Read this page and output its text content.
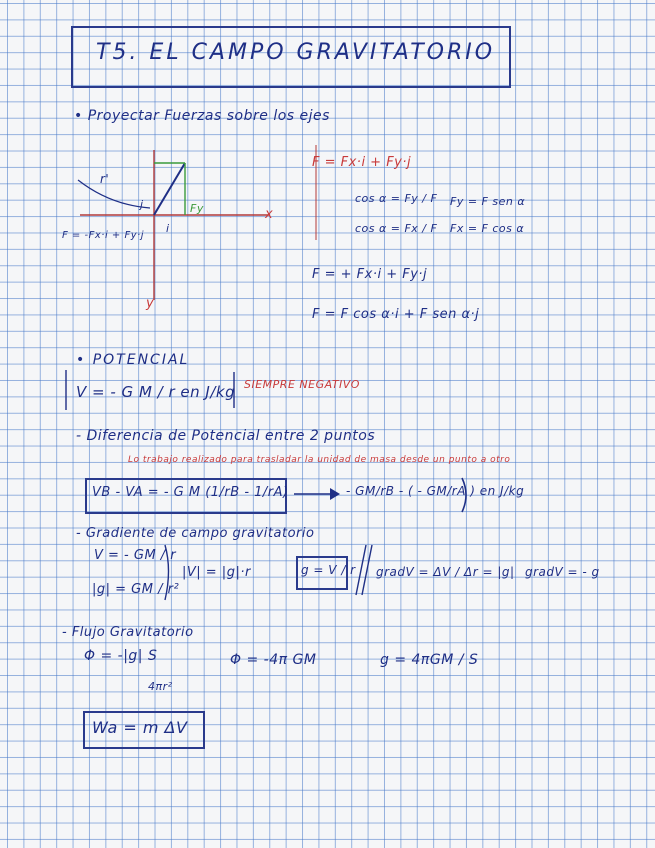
T5. EL CAMPO GRAVITATORIO
• Proyectar Fuerzas sobre los ejes
r'
Fy	x
y
i
j
F = -Fx·i + Fy·j
F = Fx·i + Fy·j
cos α = Fy / F Fy = F sen α
cos α = Fx / F Fx = F cos α
F = + Fx·i + Fy·j
F = F cos α·i + F sen α·j
• POTENCIAL
V = - G M / r en J/kg SIEMPRE NEGATIVO
- Diferencia de Potencial entre 2 puntos
Lo trabajo realizado para trasladar la unidad de masa desde un punto a otro
VB - VA = - G M (1/rB - 1/rA)	- GM/rB - ( - GM/rA ) en J/kg
- Gradiente de campo gravitatorio
V = - GM / r
|g| = GM / r²
|V| = |g|·r	g = V / r gradV = ΔV / Δr = |g| gradV = - g
- Flujo Gravitatorio
Φ = -|g| S
4πr²
Φ = -4π GM	g = 4πGM / S
Wa = m ΔV
